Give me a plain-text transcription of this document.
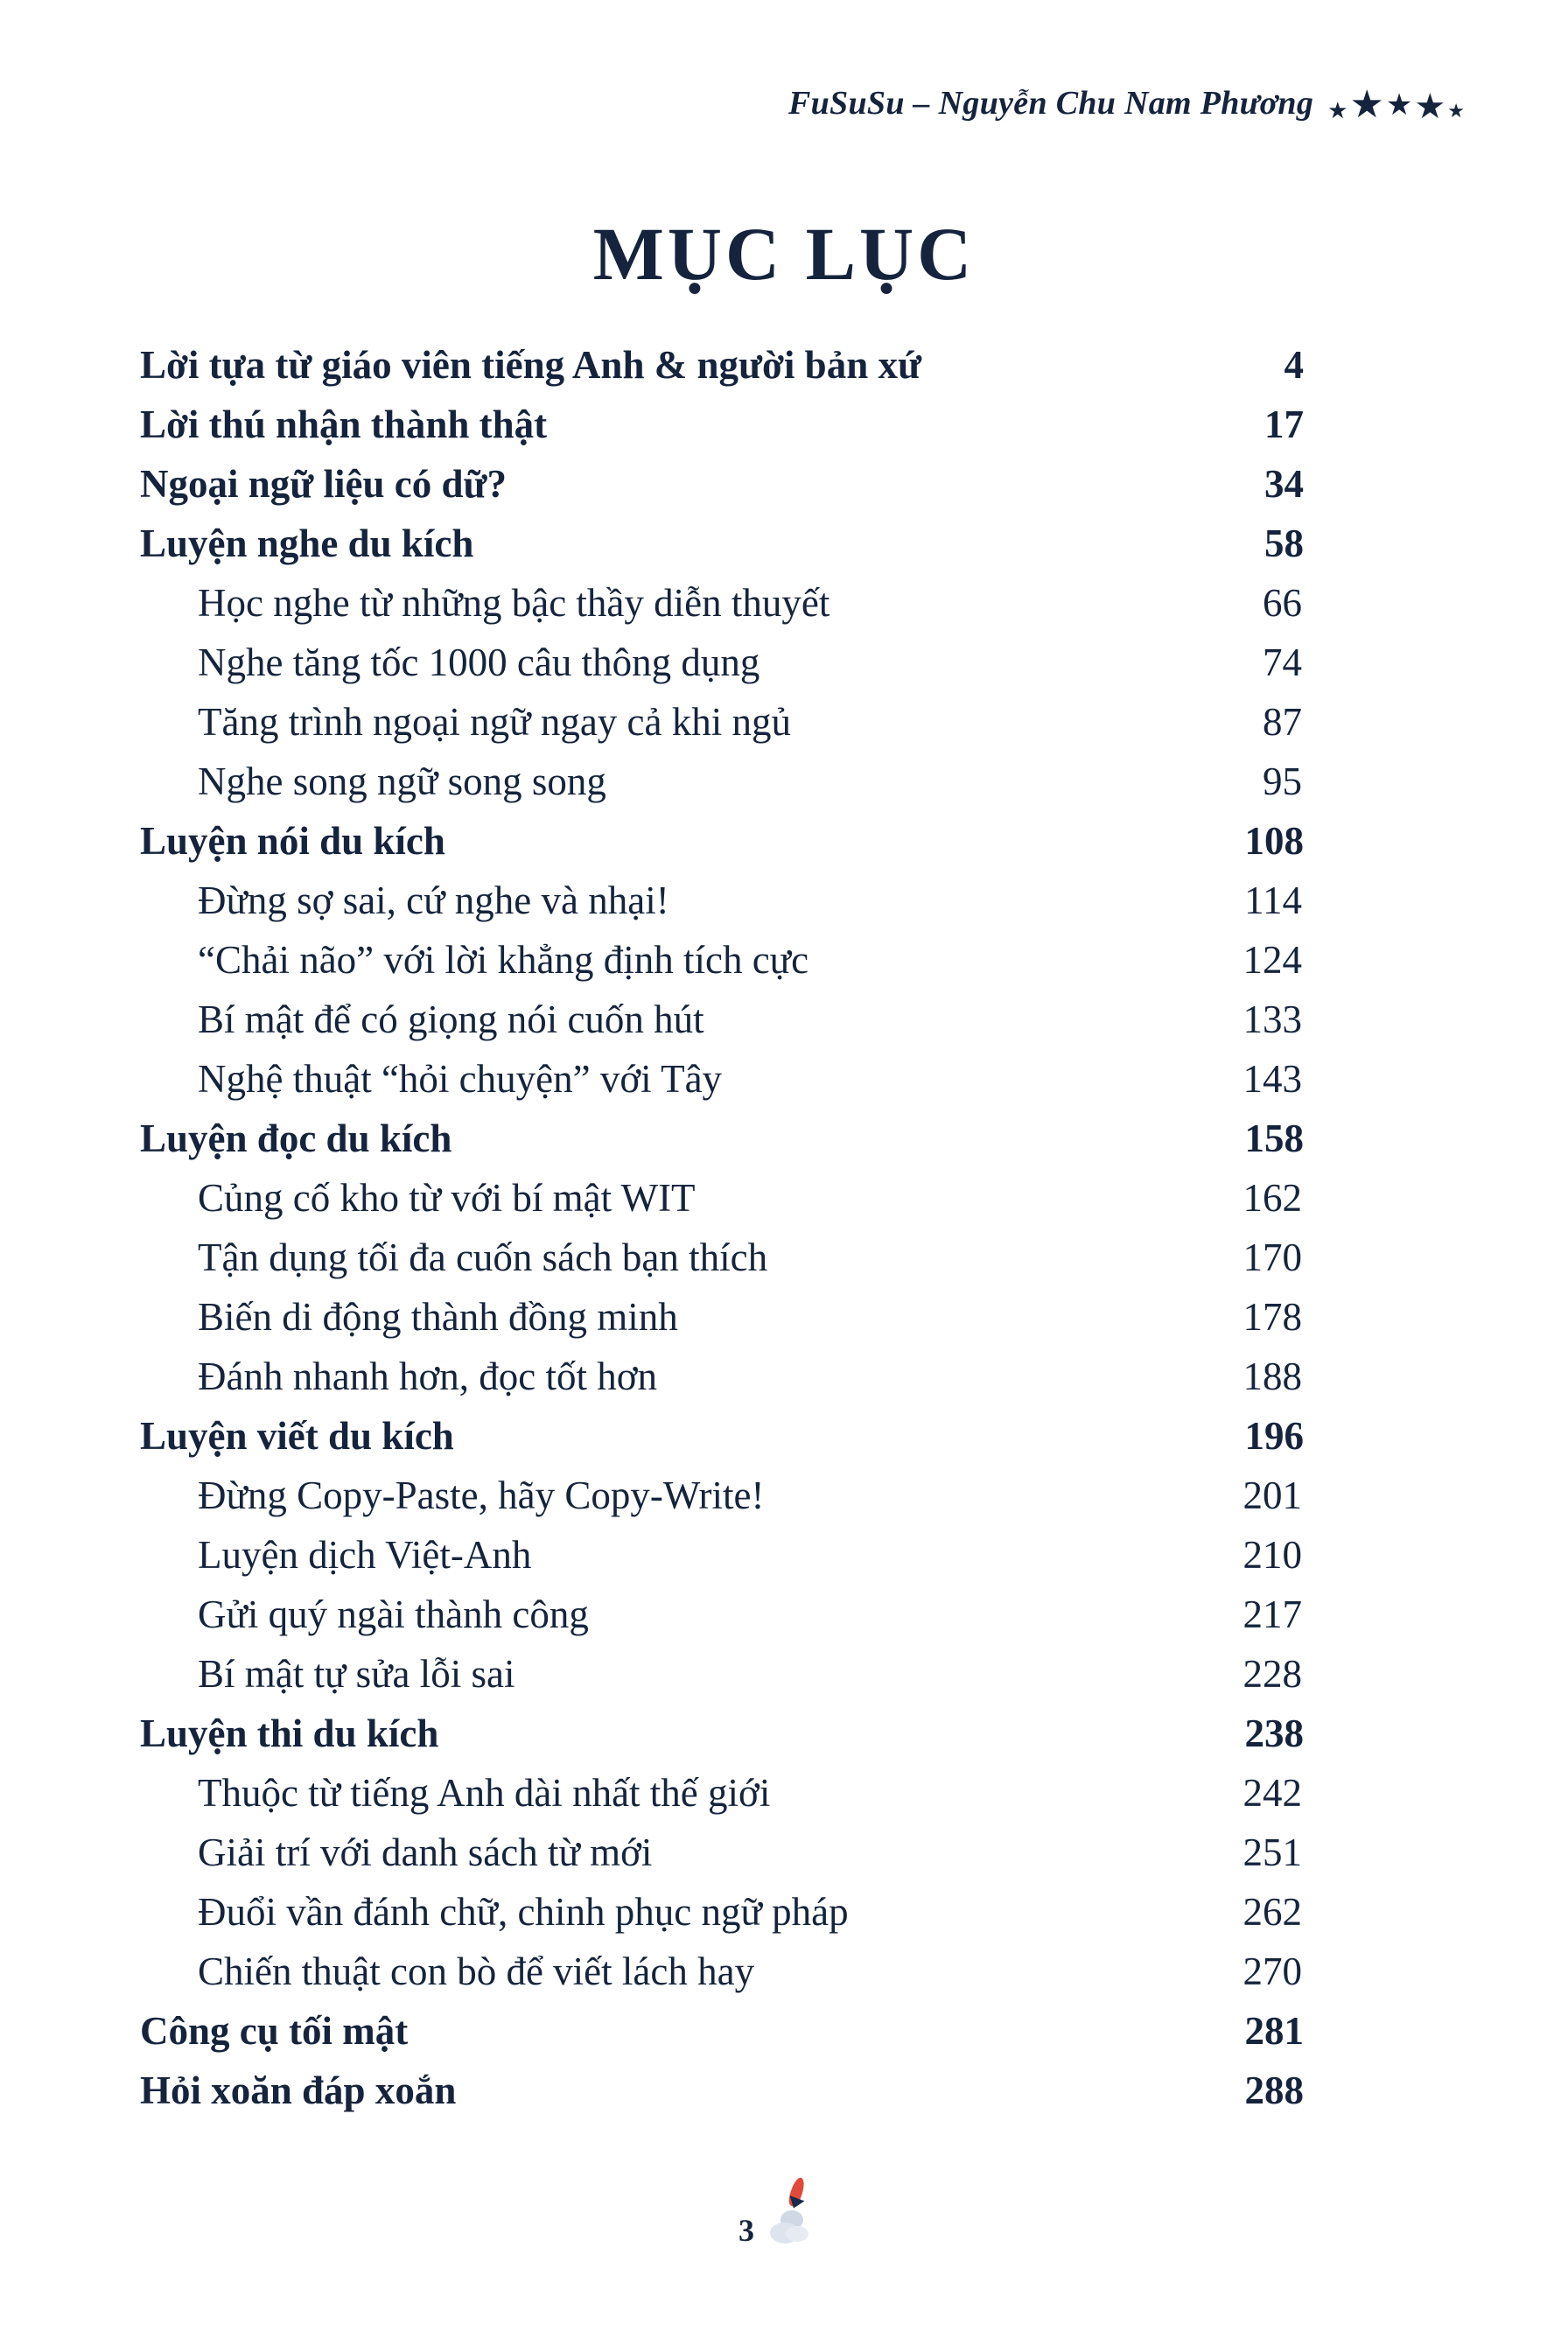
FuSuSu – Nguyễn Chu Nam Phương ★ ★ ★ ★ ★
MỤC LỤC
Lời tựa từ giáo viên tiếng Anh & người bản xứ	4
Lời thú nhận thành thật	17
Ngoại ngữ liệu có dữ?	34
Luyện nghe du kích	58
Học nghe từ những bậc thầy diễn thuyết	66
Nghe tăng tốc 1000 câu thông dụng	74
Tăng trình ngoại ngữ ngay cả khi ngủ	87
Nghe song ngữ song song	95
Luyện nói du kích	108
Đừng sợ sai, cứ nghe và nhại!	114
“Chải não” với lời khẳng định tích cực	124
Bí mật để có giọng nói cuốn hút	133
Nghệ thuật “hỏi chuyện” với Tây	143
Luyện đọc du kích	158
Củng cố kho từ với bí mật WIT	162
Tận dụng tối đa cuốn sách bạn thích	170
Biến di động thành đồng minh	178
Đánh nhanh hơn, đọc tốt hơn	188
Luyện viết du kích	196
Đừng Copy-Paste, hãy Copy-Write!	201
Luyện dịch Việt-Anh	210
Gửi quý ngài thành công	217
Bí mật tự sửa lỗi sai	228
Luyện thi du kích	238
Thuộc từ tiếng Anh dài nhất thế giới	242
Giải trí với danh sách từ mới	251
Đuổi vần đánh chữ, chinh phục ngữ pháp	262
Chiến thuật con bò để viết lách hay	270
Công cụ tối mật	281
Hỏi xoăn đáp xoắn	288
3
